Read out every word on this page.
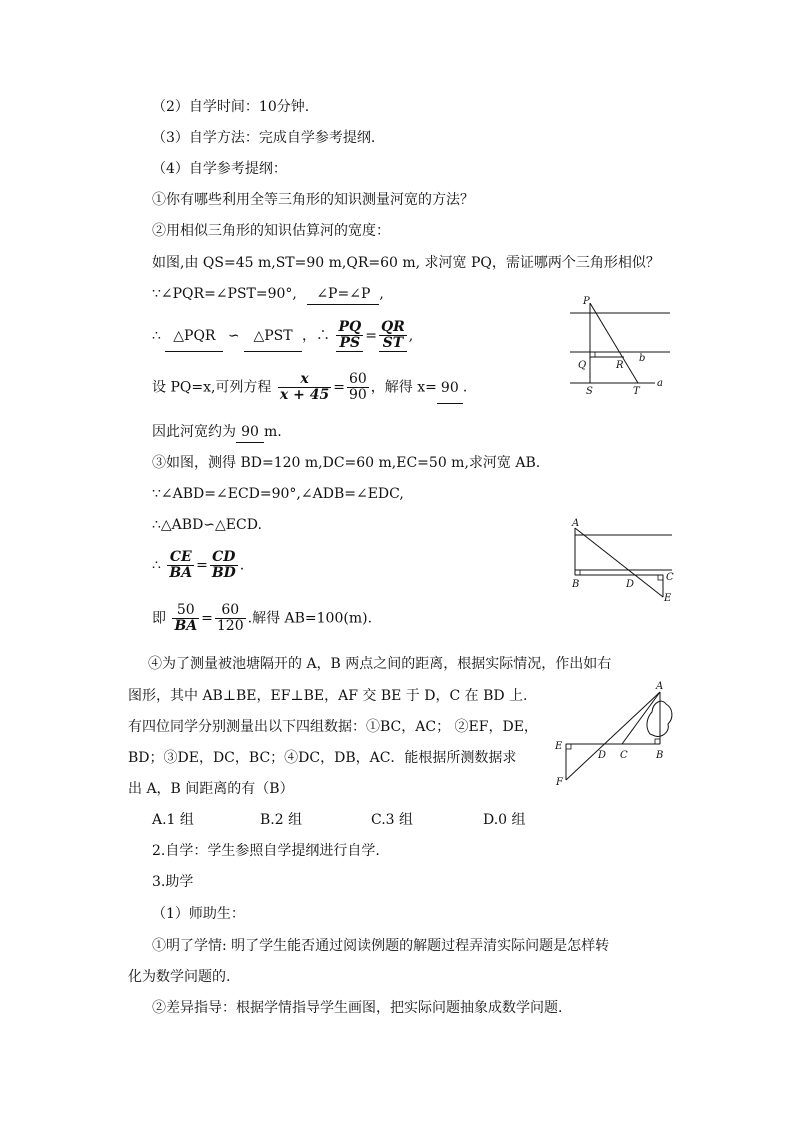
（2）自学时间：10分钟.
（3）自学方法：完成自学参考提纲.
（4）自学参考提纲：
①你有哪些利用全等三角形的知识测量河宽的方法？
②用相似三角形的知识估算河的宽度：
如图,由 QS=45 m,ST=90 m,QR=60 m, 求河宽 PQ，需证哪两个三角形相似？
∵∠PQR=∠PST=90°, ∠P=∠P ,
∴ △PQR ∽ △PST ，∴ $\frac{PQ}{PS} = \frac{QR}{ST}$ ,
设 PQ=x,可列方程 $\frac{x}{x + 45} = \frac{60}{90}$ ，解得 x= 90 .
因此河宽约为 90 m.
③如图，测得 BD=120 m,DC=60 m,EC=50 m,求河宽 AB.
∵∠ABD=∠ECD=90°,∠ADB=∠EDC,
∴△ABD∽△ECD.
∴ $\frac{CE}{BA} = \frac{CD}{BD}$ .
即 $\frac{50}{BA} = \frac{60}{120}$ .解得 AB=100(m).
④为了测量被池塘隔开的 A，B 两点之间的距离，根据实际情况，作出如右
图形，其中 AB⊥BE，EF⊥BE，AF 交 BE 于 D，C 在 BD 上.
有四位同学分别测量出以下四组数据：①BC，AC； ②EF，DE，
BD；③DE，DC，BC；④DC，DB，AC．能根据所测数据求
出 A，B 间距离的有（B）
A.1 组	B.2 组	C.3 组	D.0 组
2.自学：学生参照自学提纲进行自学.
3.助学
（1）师助生：
①明了学情: 明了学生能否通过阅读例题的解题过程弄清实际问题是怎样转
化为数学问题的.
②差异指导：根据学情指导学生画图，把实际问题抽象成数学问题.
P
Q	R
b
S	T
a
A
B	D
C
E
A
E
D C	B
F
